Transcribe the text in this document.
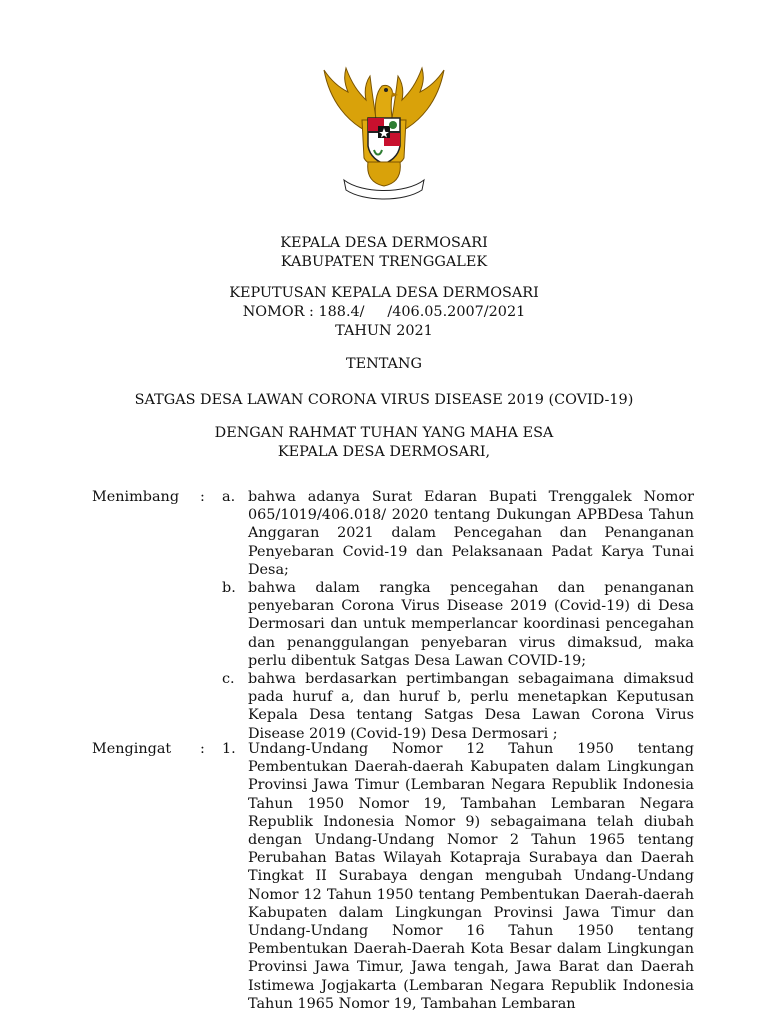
KEPALA DESA DERMOSARI
KABUPATEN TRENGGALEK
KEPUTUSAN KEPALA DESA DERMOSARI
NOMOR : 188.4/     /406.05.2007/2021
TAHUN 2021
TENTANG
SATGAS DESA LAWAN CORONA VIRUS DISEASE 2019 (COVID-19)
DENGAN RAHMAT TUHAN YANG MAHA ESA
KEPALA DESA DERMOSARI,
Menimbang : a. bahwa adanya Surat Edaran Bupati Trenggalek Nomor 065/1019/406.018/ 2020 tentang Dukungan APBDesa Tahun Anggaran 2021 dalam Pencegahan dan Penanganan Penyebaran Covid-19 dan Pelaksanaan Padat Karya Tunai Desa;
b. bahwa dalam rangka pencegahan dan penanganan penyebaran Corona Virus Disease 2019 (Covid-19) di Desa Dermosari dan untuk memperlancar koordinasi pencegahan dan penanggulangan penyebaran virus dimaksud, maka perlu dibentuk Satgas Desa Lawan COVID-19;
c. bahwa berdasarkan pertimbangan sebagaimana dimaksud pada huruf a, dan huruf b, perlu menetapkan Keputusan Kepala Desa tentang Satgas Desa Lawan Corona Virus Disease 2019 (Covid-19) Desa Dermosari ;
Mengingat : 1. Undang-Undang Nomor 12 Tahun 1950 tentang Pembentukan Daerah-daerah Kabupaten dalam Lingkungan Provinsi Jawa Timur (Lembaran Negara Republik Indonesia Tahun 1950 Nomor 19, Tambahan Lembaran Negara Republik Indonesia Nomor 9) sebagaimana telah diubah dengan Undang-Undang Nomor 2 Tahun 1965 tentang Perubahan Batas Wilayah Kotapraja Surabaya dan Daerah Tingkat II Surabaya dengan mengubah Undang-Undang Nomor 12 Tahun 1950 tentang Pembentukan Daerah-daerah Kabupaten dalam Lingkungan Provinsi Jawa Timur dan Undang-Undang Nomor 16 Tahun 1950 tentang Pembentukan Daerah-Daerah Kota Besar dalam Lingkungan Provinsi Jawa Timur, Jawa tengah, Jawa Barat dan Daerah Istimewa Jogjakarta (Lembaran Negara Republik Indonesia Tahun 1965 Nomor 19, Tambahan Lembaran
